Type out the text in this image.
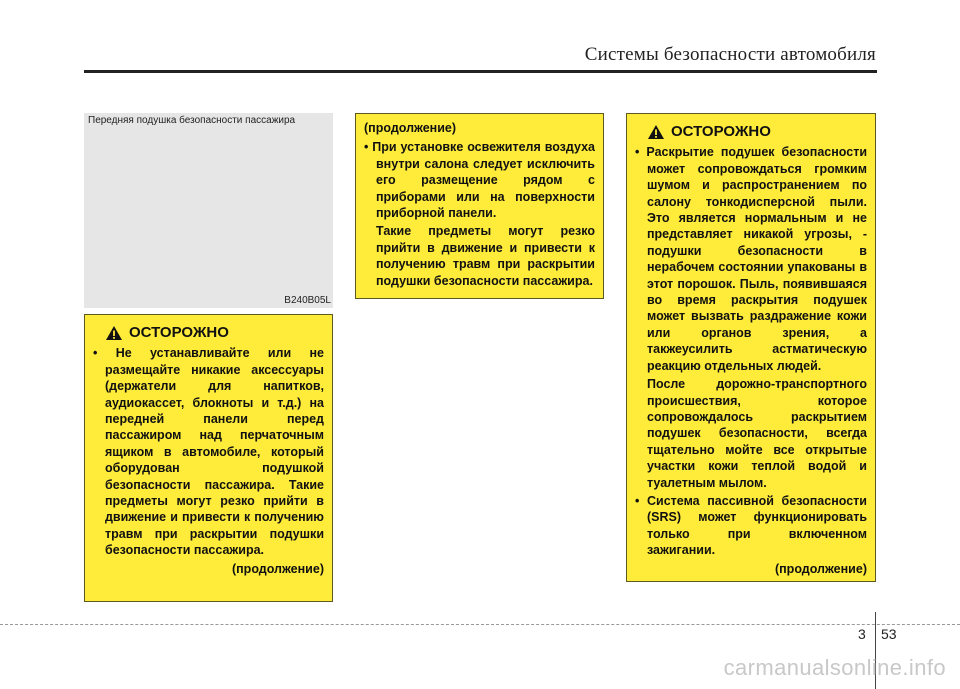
Системы безопасности автомобиля
Передняя подушка безопасности пассажира
B240B05L
ОСТОРОЖНО

• Не устанавливайте или не размещайте никакие аксессуары (держатели для напитков, аудиокассет, блокноты и т.д.) на передней панели перед пассажиром над перчаточным ящиком в автомобиле, который оборудован подушкой безопасности пассажира. Такие предметы могут резко прийти в движение и привести к получению травм при раскрытии подушки безопасности пассажира.

(продолжение)
(продолжение)

• При установке освежителя воздуха внутри салона следует исключить его размещение рядом с приборами или на поверхности приборной панели.

Такие предметы могут резко прийти в движение и привести к получению травм при раскрытии подушки безопасности пассажира.

ОСТОРОЖНО

• Раскрытие подушек безопасности может сопровождаться громким шумом и распространением по салону тонкодисперсной пыли. Это является нормальным и не представляет никакой угрозы, - подушки безопасности в нерабочем состоянии упакованы в этот порошок. Пыль, появившаяся во время раскрытия подушек может вызвать раздражение кожи или органов зрения, а такжеусилить астматическую реакцию отдельных людей.

После дорожно-транспортного происшествия, которое сопровождалось раскрытием подушек безопасности, всегда тщательно мойте все открытые участки кожи теплой водой и туалетным мылом.

• Система пассивной безопасности (SRS) может функционировать только при включенном зажигании.

(продолжение)
3 53
carmanualsonline.info
